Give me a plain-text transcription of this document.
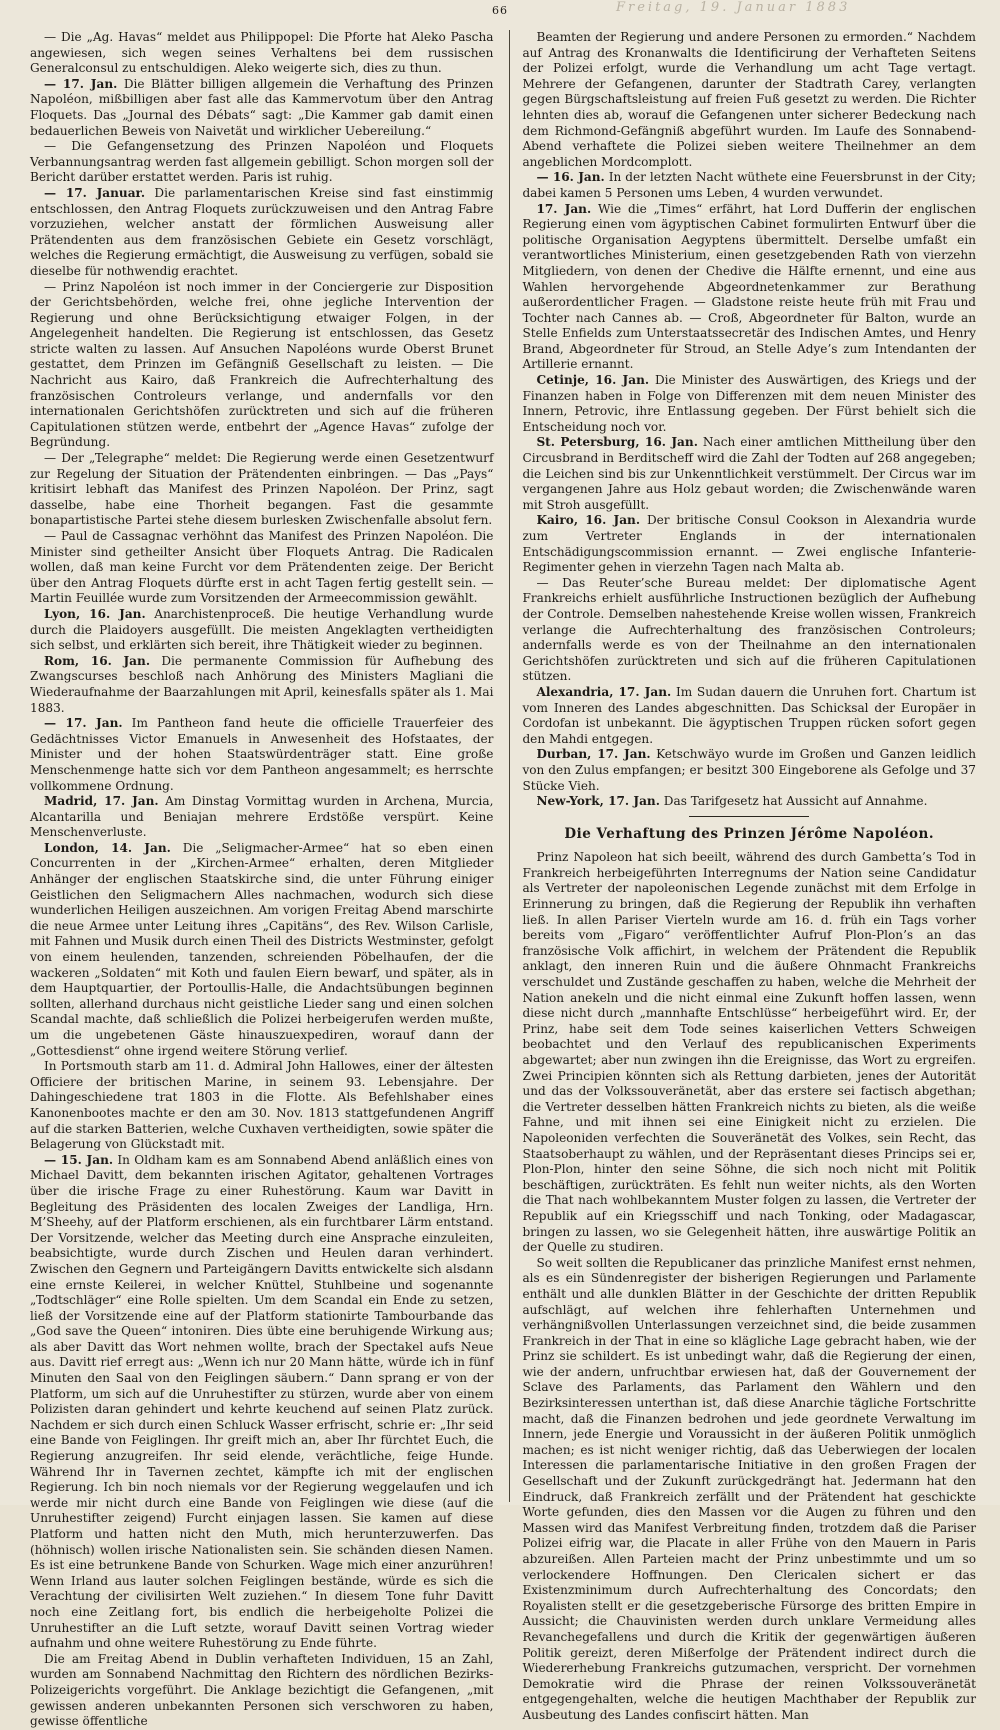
Freitag, 19. Januar 1883
66

— Die „Ag. Havas“ meldet aus Philippopel: Die Pforte hat Aleko Pascha angewiesen, sich wegen seines Verhaltens bei dem russischen Generalconsul zu entschuldigen. Aleko weigerte sich, dies zu thun.

— 17. Jan. Die Blätter billigen allgemein die Verhaftung des Prinzen Napoléon, mißbilligen aber fast alle das Kammervotum über den Antrag Floquets. Das „Journal des Débats“ sagt: „Die Kammer gab damit einen bedauerlichen Beweis von Naivetät und wirklicher Uebereilung.“

— Die Gefangensetzung des Prinzen Napoléon und Floquets Verbannungsantrag werden fast allgemein gebilligt. Schon morgen soll der Bericht darüber erstattet werden. Paris ist ruhig.

— 17. Januar. Die parlamentarischen Kreise sind fast einstimmig entschlossen, den Antrag Floquets zurückzuweisen und den Antrag Fabre vorzuziehen, welcher anstatt der förmlichen Ausweisung aller Prätendenten aus dem französischen Gebiete ein Gesetz vorschlägt, welches die Regierung ermächtigt, die Ausweisung zu verfügen, sobald sie dieselbe für nothwendig erachtet.

— Prinz Napoléon ist noch immer in der Conciergerie zur Disposition der Gerichtsbehörden, welche frei, ohne jegliche Intervention der Regierung und ohne Berücksichtigung etwaiger Folgen, in der Angelegenheit handelten. Die Regierung ist entschlossen, das Gesetz stricte walten zu lassen. Auf Ansuchen Napoléons wurde Oberst Brunet gestattet, dem Prinzen im Gefängniß Gesellschaft zu leisten. — Die Nachricht aus Kairo, daß Frankreich die Aufrechterhaltung des französischen Controleurs verlange, und andernfalls vor den internationalen Gerichtshöfen zurücktreten und sich auf die früheren Capitulationen stützen werde, entbehrt der „Agence Havas“ zufolge der Begründung.

— Der „Telegraphe“ meldet: Die Regierung werde einen Gesetzentwurf zur Regelung der Situation der Prätendenten einbringen. — Das „Pays“ kritisirt lebhaft das Manifest des Prinzen Napoléon. Der Prinz, sagt dasselbe, habe eine Thorheit begangen. Fast die gesammte bonapartistische Partei stehe diesem burlesken Zwischenfalle absolut fern.

— Paul de Cassagnac verhöhnt das Manifest des Prinzen Napoléon. Die Minister sind getheilter Ansicht über Floquets Antrag. Die Radicalen wollen, daß man keine Furcht vor dem Prätendenten zeige. Der Bericht über den Antrag Floquets dürfte erst in acht Tagen fertig gestellt sein. — Martin Feuillée wurde zum Vorsitzenden der Armeecommission gewählt.

Lyon, 16. Jan. Anarchistenproceß. Die heutige Verhandlung wurde durch die Plaidoyers ausgefüllt. Die meisten Angeklagten vertheidigten sich selbst, und erklärten sich bereit, ihre Thätigkeit wieder zu beginnen.

Rom, 16. Jan. Die permanente Commission für Aufhebung des Zwangscurses beschloß nach Anhörung des Ministers Magliani die Wiederaufnahme der Baarzahlungen mit April, keinesfalls später als 1. Mai 1883.

— 17. Jan. Im Pantheon fand heute die officielle Trauerfeier des Gedächtnisses Victor Emanuels in Anwesenheit des Hofstaates, der Minister und der hohen Staatswürdenträger statt. Eine große Menschenmenge hatte sich vor dem Pantheon angesammelt; es herrschte vollkommene Ordnung.

Madrid, 17. Jan. Am Dinstag Vormittag wurden in Archena, Murcia, Alcantarilla und Beniajan mehrere Erdstöße verspürt. Keine Menschenverluste.

London, 14. Jan. Die „Seligmacher-Armee“ hat so eben einen Concurrenten in der „Kirchen-Armee“ erhalten, deren Mitglieder Anhänger der englischen Staatskirche sind, die unter Führung einiger Geistlichen den Seligmachern Alles nachmachen, wodurch sich diese wunderlichen Heiligen auszeichnen. Am vorigen Freitag Abend marschirte die neue Armee unter Leitung ihres „Capitäns“, des Rev. Wilson Carlisle, mit Fahnen und Musik durch einen Theil des Districts Westminster, gefolgt von einem heulenden, tanzenden, schreienden Pöbelhaufen, der die wackeren „Soldaten“ mit Koth und faulen Eiern bewarf, und später, als in dem Hauptquartier, der Portoullis-Halle, die Andachtsübungen beginnen sollten, allerhand durchaus nicht geistliche Lieder sang und einen solchen Scandal machte, daß schließlich die Polizei herbeigerufen werden mußte, um die ungebetenen Gäste hinauszuexpediren, worauf dann der „Gottesdienst“ ohne irgend weitere Störung verlief.

In Portsmouth starb am 11. d. Admiral John Hallowes, einer der ältesten Officiere der britischen Marine, in seinem 93. Lebensjahre. Der Dahingeschiedene trat 1803 in die Flotte. Als Befehlshaber eines Kanonenbootes machte er den am 30. Nov. 1813 stattgefundenen Angriff auf die starken Batterien, welche Cuxhaven vertheidigten, sowie später die Belagerung von Glückstadt mit.

— 15. Jan. In Oldham kam es am Sonnabend Abend anläßlich eines von Michael Davitt, dem bekannten irischen Agitator, gehaltenen Vortrages über die irische Frage zu einer Ruhestörung. Kaum war Davitt in Begleitung des Präsidenten des localen Zweiges der Landliga, Hrn. M’Sheehy, auf der Platform erschienen, als ein furchtbarer Lärm entstand. Der Vorsitzende, welcher das Meeting durch eine Ansprache einzuleiten, beabsichtigte, wurde durch Zischen und Heulen daran verhindert. Zwischen den Gegnern und Parteigängern Davitts entwickelte sich alsdann eine ernste Keilerei, in welcher Knüttel, Stuhlbeine und sogenannte „Todtschläger“ eine Rolle spielten. Um dem Scandal ein Ende zu setzen, ließ der Vorsitzende eine auf der Platform stationirte Tambourbande das „God save the Queen“ intoniren. Dies übte eine beruhigende Wirkung aus; als aber Davitt das Wort nehmen wollte, brach der Spectakel aufs Neue aus. Davitt rief erregt aus: „Wenn ich nur 20 Mann hätte, würde ich in fünf Minuten den Saal von den Feiglingen säubern.“ Dann sprang er von der Platform, um sich auf die Unruhestifter zu stürzen, wurde aber von einem Polizisten daran gehindert und kehrte keuchend auf seinen Platz zurück. Nachdem er sich durch einen Schluck Wasser erfrischt, schrie er: „Ihr seid eine Bande von Feiglingen. Ihr greift mich an, aber Ihr fürchtet Euch, die Regierung anzugreifen. Ihr seid elende, verächtliche, feige Hunde. Während Ihr in Tavernen zechtet, kämpfte ich mit der englischen Regierung. Ich bin noch niemals vor der Regierung weggelaufen und ich werde mir nicht durch eine Bande von Feiglingen wie diese (auf die Unruhestifter zeigend) Furcht einjagen lassen. Sie kamen auf diese Platform und hatten nicht den Muth, mich herunterzuwerfen. Das (höhnisch) wollen irische Nationalisten sein. Sie schänden diesen Namen. Es ist eine betrunkene Bande von Schurken. Wage mich einer anzurühren! Wenn Irland aus lauter solchen Feiglingen bestände, würde es sich die Verachtung der civilisirten Welt zuziehen.“ In diesem Tone fuhr Davitt noch eine Zeitlang fort, bis endlich die herbeigeholte Polizei die Unruhestifter an die Luft setzte, worauf Davitt seinen Vortrag wieder aufnahm und ohne weitere Ruhestörung zu Ende führte.

Die am Freitag Abend in Dublin verhafteten Individuen, 15 an Zahl, wurden am Sonnabend Nachmittag den Richtern des nördlichen Bezirks-Polizeigerichts vorgeführt. Die Anklage bezichtigt die Gefangenen, „mit gewissen anderen unbekannten Personen sich verschworen zu haben, gewisse öffentliche

Beamten der Regierung und andere Personen zu ermorden.“ Nachdem auf Antrag des Kronanwalts die Identificirung der Verhafteten Seitens der Polizei erfolgt, wurde die Verhandlung um acht Tage vertagt. Mehrere der Gefangenen, darunter der Stadtrath Carey, verlangten gegen Bürgschaftsleistung auf freien Fuß gesetzt zu werden. Die Richter lehnten dies ab, worauf die Gefangenen unter sicherer Bedeckung nach dem Richmond-Gefängniß abgeführt wurden. Im Laufe des Sonnabend-Abend verhaftete die Polizei sieben weitere Theilnehmer an dem angeblichen Mordcomplott.

— 16. Jan. In der letzten Nacht wüthete eine Feuersbrunst in der City; dabei kamen 5 Personen ums Leben, 4 wurden verwundet.

17. Jan. Wie die „Times“ erfährt, hat Lord Dufferin der englischen Regierung einen vom ägyptischen Cabinet formulirten Entwurf über die politische Organisation Aegyptens übermittelt. Derselbe umfaßt ein verantwortliches Ministerium, einen gesetzgebenden Rath von vierzehn Mitgliedern, von denen der Chedive die Hälfte ernennt, und eine aus Wahlen hervorgehende Abgeordnetenkammer zur Berathung außerordentlicher Fragen. — Gladstone reiste heute früh mit Frau und Tochter nach Cannes ab. — Croß, Abgeordneter für Balton, wurde an Stelle Enfields zum Unterstaatssecretär des Indischen Amtes, und Henry Brand, Abgeordneter für Stroud, an Stelle Adye’s zum Intendanten der Artillerie ernannt.

Cetinje, 16. Jan. Die Minister des Auswärtigen, des Kriegs und der Finanzen haben in Folge von Differenzen mit dem neuen Minister des Innern, Petrovic, ihre Entlassung gegeben. Der Fürst behielt sich die Entscheidung noch vor.

St. Petersburg, 16. Jan. Nach einer amtlichen Mittheilung über den Circusbrand in Berditscheff wird die Zahl der Todten auf 268 angegeben; die Leichen sind bis zur Unkenntlichkeit verstümmelt. Der Circus war im vergangenen Jahre aus Holz gebaut worden; die Zwischenwände waren mit Stroh ausgefüllt.

Kairo, 16. Jan. Der britische Consul Cookson in Alexandria wurde zum Vertreter Englands in der internationalen Entschädigungscommission ernannt. — Zwei englische Infanterie-Regimenter gehen in vierzehn Tagen nach Malta ab.

— Das Reuter’sche Bureau meldet: Der diplomatische Agent Frankreichs erhielt ausführliche Instructionen bezüglich der Aufhebung der Controle. Demselben nahestehende Kreise wollen wissen, Frankreich verlange die Aufrechterhaltung des französischen Controleurs; andernfalls werde es von der Theilnahme an den internationalen Gerichtshöfen zurücktreten und sich auf die früheren Capitulationen stützen.

Alexandria, 17. Jan. Im Sudan dauern die Unruhen fort. Chartum ist vom Inneren des Landes abgeschnitten. Das Schicksal der Europäer in Cordofan ist unbekannt. Die ägyptischen Truppen rücken sofort gegen den Mahdi entgegen.

Durban, 17. Jan. Ketschwäyo wurde im Großen und Ganzen leidlich von den Zulus empfangen; er besitzt 300 Eingeborene als Gefolge und 37 Stücke Vieh.

New-York, 17. Jan. Das Tarifgesetz hat Aussicht auf Annahme.

Die Verhaftung des Prinzen Jérôme Napoléon.

Prinz Napoleon hat sich beeilt, während des durch Gambetta’s Tod in Frankreich herbeigeführten Interregnums der Nation seine Candidatur als Vertreter der napoleonischen Legende zunächst mit dem Erfolge in Erinnerung zu bringen, daß die Regierung der Republik ihn verhaften ließ. In allen Pariser Vierteln wurde am 16. d. früh ein Tags vorher bereits vom „Figaro“ veröffentlichter Aufruf Plon-Plon’s an das französische Volk affichirt, in welchem der Prätendent die Republik anklagt, den inneren Ruin und die äußere Ohnmacht Frankreichs verschuldet und Zustände geschaffen zu haben, welche die Mehrheit der Nation anekeln und die nicht einmal eine Zukunft hoffen lassen, wenn diese nicht durch „mannhafte Entschlüsse“ herbeigeführt wird. Er, der Prinz, habe seit dem Tode seines kaiserlichen Vetters Schweigen beobachtet und den Verlauf des republicanischen Experiments abgewartet; aber nun zwingen ihn die Ereignisse, das Wort zu ergreifen. Zwei Principien könnten sich als Rettung darbieten, jenes der Autorität und das der Volkssouveränetät, aber das erstere sei factisch abgethan; die Vertreter desselben hätten Frankreich nichts zu bieten, als die weiße Fahne, und mit ihnen sei eine Einigkeit nicht zu erzielen. Die Napoleoniden verfechten die Souveränetät des Volkes, sein Recht, das Staatsoberhaupt zu wählen, und der Repräsentant dieses Princips sei er, Plon-Plon, hinter den seine Söhne, die sich noch nicht mit Politik beschäftigen, zurückträten. Es fehlt nun weiter nichts, als den Worten die That nach wohlbekanntem Muster folgen zu lassen, die Vertreter der Republik auf ein Kriegsschiff und nach Tonking, oder Madagascar, bringen zu lassen, wo sie Gelegenheit hätten, ihre auswärtige Politik an der Quelle zu studiren.

So weit sollten die Republicaner das prinzliche Manifest ernst nehmen, als es ein Sündenregister der bisherigen Regierungen und Parlamente enthält und alle dunklen Blätter in der Geschichte der dritten Republik aufschlägt, auf welchen ihre fehlerhaften Unternehmen und verhängnißvollen Unterlassungen verzeichnet sind, die beide zusammen Frankreich in der That in eine so klägliche Lage gebracht haben, wie der Prinz sie schildert. Es ist unbedingt wahr, daß die Regierung der einen, wie der andern, unfruchtbar erwiesen hat, daß der Gouvernement der Sclave des Parlaments, das Parlament den Wählern und den Bezirksinteressen unterthan ist, daß diese Anarchie tägliche Fortschritte macht, daß die Finanzen bedrohen und jede geordnete Verwaltung im Innern, jede Energie und Voraussicht in der äußeren Politik unmöglich machen; es ist nicht weniger richtig, daß das Ueberwiegen der localen Interessen die parlamentarische Initiative in den großen Fragen der Gesellschaft und der Zukunft zurückgedrängt hat. Jedermann hat den Eindruck, daß Frankreich zerfällt und der Prätendent hat geschickte Worte gefunden, dies den Massen vor die Augen zu führen und den Massen wird das Manifest Verbreitung finden, trotzdem daß die Pariser Polizei eifrig war, die Placate in aller Frühe von den Mauern in Paris abzureißen. Allen Parteien macht der Prinz unbestimmte und um so verlockendere Hoffnungen. Den Clericalen sichert er das Existenzminimum durch Aufrechterhaltung des Concordats; den Royalisten stellt er die gesetzgeberische Fürsorge des britten Empire in Aussicht; die Chauvinisten werden durch unklare Vermeidung alles Revanchegefallens und durch die Kritik der gegenwärtigen äußeren Politik gereizt, deren Mißerfolge der Prätendent indirect durch die Wiedererhebung Frankreichs gutzumachen, verspricht. Der vornehmen Demokratie wird die Phrase der reinen Volkssouveränetät entgegengehalten, welche die heutigen Machthaber der Republik zur Ausbeutung des Landes confiscirt hätten. Man
